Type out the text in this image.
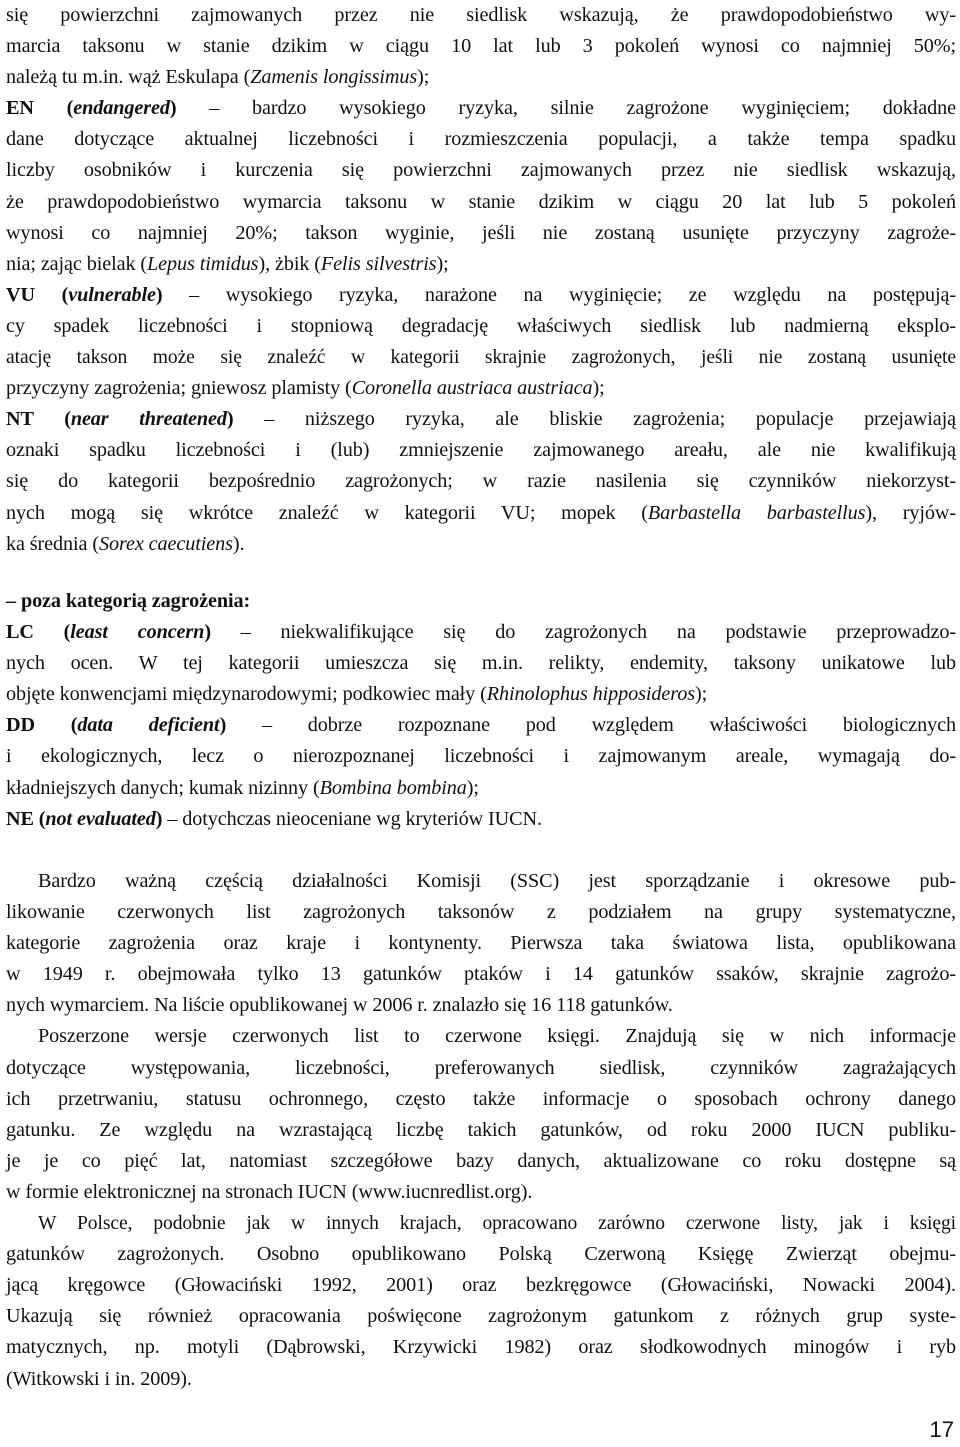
się powierzchni zajmowanych przez nie siedlisk wskazują, że prawdopodobieństwo wy-
marcia taksonu w stanie dzikim w ciągu 10 lat lub 3 pokoleń wynosi co najmniej 50%;
należą tu m.in. wąż Eskulapa (Zamenis longissimus);
EN (endangered) – bardzo wysokiego ryzyka, silnie zagrożone wyginięciem; dokładne
dane dotyczące aktualnej liczebności i rozmieszczenia populacji, a także tempa spadku
liczby osobników i kurczenia się powierzchni zajmowanych przez nie siedlisk wskazują,
że prawdopodobieństwo wymarcia taksonu w stanie dzikim w ciągu 20 lat lub 5 pokoleń
wynosi co najmniej 20%; takson wyginie, jeśli nie zostaną usunięte przyczyny zagroże-
nia; zając bielak (Lepus timidus), żbik (Felis silvestris);
VU (vulnerable) – wysokiego ryzyka, narażone na wyginięcie; ze względu na postępują-
cy spadek liczebności i stopniową degradację właściwych siedlisk lub nadmierną eksplo-
atację takson może się znaleźć w kategorii skrajnie zagrożonych, jeśli nie zostaną usunięte
przyczyny zagrożenia; gniewosz plamisty (Coronella austriaca austriaca);
NT (near threatened) – niższego ryzyka, ale bliskie zagrożenia; populacje przejawiają
oznaki spadku liczebności i (lub) zmniejszenie zajmowanego areału, ale nie kwalifikują
się do kategorii bezpośrednio zagrożonych; w razie nasilenia się czynników niekorzyst-
nych mogą się wkrótce znaleźć w kategorii VU; mopek (Barbastella barbastellus), ryjów-
ka średnia (Sorex caecutiens).
– poza kategorią zagrożenia:
LC (least concern) – niekwalifikujące się do zagrożonych na podstawie przeprowadzo-
nych ocen. W tej kategorii umieszcza się m.in. relikty, endemity, taksony unikatowe lub
objęte konwencjami międzynarodowymi; podkowiec mały (Rhinolophus hipposideros);
DD (data deficient) – dobrze rozpoznane pod względem właściwości biologicznych
i ekologicznych, lecz o nierozpoznanej liczebności i zajmowanym areale, wymagają do-
kładniejszych danych; kumak nizinny (Bombina bombina);
NE (not evaluated) – dotychczas nieoceniane wg kryteriów IUCN.
Bardzo ważną częścią działalności Komisji (SSC) jest sporządzanie i okresowe pub-
likowanie czerwonych list zagrożonych taksonów z podziałem na grupy systematyczne,
kategorie zagrożenia oraz kraje i kontynenty. Pierwsza taka światowa lista, opublikowana
w 1949 r. obejmowała tylko 13 gatunków ptaków i 14 gatunków ssaków, skrajnie zagrożo-
nych wymarciem. Na liście opublikowanej w 2006 r. znalazło się 16 118 gatunków.
Poszerzone wersje czerwonych list to czerwone księgi. Znajdują się w nich informacje
dotyczące występowania, liczebności, preferowanych siedlisk, czynników zagrażających
ich przetrwaniu, statusu ochronnego, często także informacje o sposobach ochrony danego
gatunku. Ze względu na wzrastającą liczbę takich gatunków, od roku 2000 IUCN publiku-
je je co pięć lat, natomiast szczegółowe bazy danych, aktualizowane co roku dostępne są
w formie elektronicznej na stronach IUCN (www.iucnredlist.org).
W Polsce, podobnie jak w innych krajach, opracowano zarówno czerwone listy, jak i księgi
gatunków zagrożonych. Osobno opublikowano Polską Czerwoną Księgę Zwierząt obejmu-
jącą kręgowce (Głowaciński 1992, 2001) oraz bezkręgowce (Głowaciński, Nowacki 2004).
Ukazują się również opracowania poświęcone zagrożonym gatunkom z różnych grup syste-
matycznych, np. motyli (Dąbrowski, Krzywicki 1982) oraz słodkowodnych minogów i ryb
(Witkowski i in. 2009).
17
